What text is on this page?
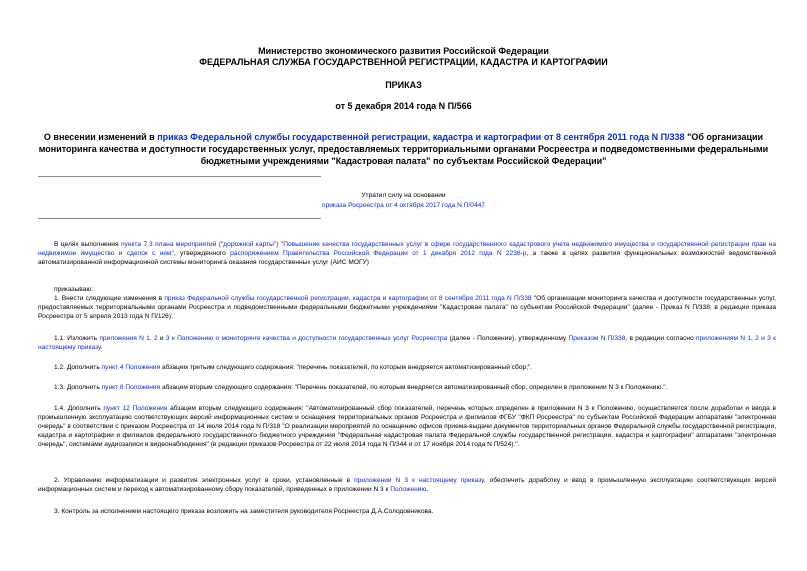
Министерство экономического развития Российской Федерации

ФЕДЕРАЛЬНАЯ СЛУЖБА ГОСУДАРСТВЕННОЙ РЕГИСТРАЦИИ, КАДАСТРА И КАРТОГРАФИИ

ПРИКАЗ

от 5 декабря 2014 года N П/566

О внесении изменений в приказ Федеральной службы государственной регистрации, кадастра и картографии от 8 сентября 2011 года N П/338 "Об организации мониторинга качества и доступности государственных услуг, предоставляемых территориальными органами Росреестра и подведомственными федеральными бюджетными учреждениями "Кадастровая палата" по субъектам Российской Федерации"

Утратил силу на основании
приказа Росреестра от 4 октября 2017 года N П/0447

В целях выполнения пункта 7.3 плана мероприятий ("дорожной карты") "Повышение качества государственных услуг в сфере государственного кадастрового учета недвижимого имущества и государственной регистрации прав на недвижимое имущество и сделок с ним", утвержденного распоряжением Правительства Российской Федерации от 1 декабря 2012 года N 2236-р, а также в целях развития функциональных возможностей ведомственной автоматизированной информационной системы мониторинга оказания государственных услуг (АИС МОГУ)

приказываю:

1. Внести следующие изменения в приказ Федеральной службы государственной регистрации, кадастра и картографии от 8 сентября 2011 года N П/338 "Об организации мониторинга качества и доступности государственных услуг, предоставляемых территориальными органами Росреестра и подведомственными федеральными бюджетными учреждениями "Кадастровая палата" по субъектам Российской Федерации" (далее - Приказ N П/338; в редакции приказа Росреестра от 5 апреля 2013 года N П/126):

1.1. Изложить приложения N 1, 2 и 3 к Положению о мониторинге качества и доступности государственных услуг Росреестра (далее - Положение), утвержденному Приказом N П/338, в редакции согласно приложениям N 1, 2 и 3 к настоящему приказу.

1.2. Дополнить пункт 4 Положения абзацем третьим следующего содержания: "перечень показателей, по которым внедряется автоматизированный сбор;".

1.3. Дополнить пункт 8 Положения абзацем вторым следующего содержания: "Перечень показателей, по которым внедряется автоматизированный сбор, определен в приложении N 3 к Положению.".

1.4. Дополнить пункт 12 Положения абзацем вторым следующего содержания: "Автоматизированный сбор показателей, перечень которых определен в приложении N 3 к Положению, осуществляется после доработки и ввода в промышленную эксплуатацию соответствующих версий информационных систем и оснащения территориальных органов Росреестра и филиалов ФГБУ "ФКП Росреестра" по субъектам Российской Федерации аппаратами "электронная очередь" в соответствии с приказом Росреестра от 14 июля 2014 года N П/318 "О реализации мероприятий по оснащению офисов приема-выдачи документов территориальных органов Федеральной службы государственной регистрации, кадастра и картографии и филиалов федерального государственного бюджетного учреждения "Федеральная кадастровая палата Федеральной службы государственной регистрации, кадастра и картографии" аппаратами "электронная очередь", системами аудиозаписи и видеонаблюдения" (в редакции приказов Росреестра от 22 июля 2014 года N П/344 и от 17 ноября 2014 года N П/524).".

2. Управлению информатизации и развития электронных услуг в сроки, установленные в приложении N 3 к настоящему приказу, обеспечить доработку и ввод в промышленную эксплуатацию соответствующих версий информационных систем и переход к автоматизированному сбору показателей, приведенных в приложении N 3 к Положению.

3. Контроль за исполнением настоящего приказа возложить на заместителя руководителя Росреестра Д.А.Солодовникова.
